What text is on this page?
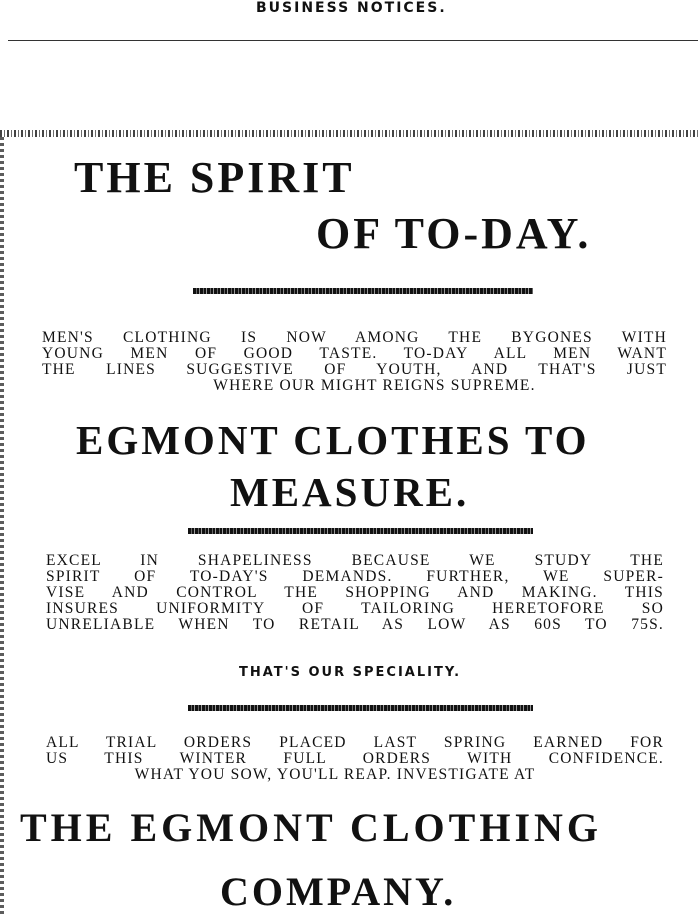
BUSINESS NOTICES.
THE SPIRIT
OF TO-DAY.
MEN'S CLOTHING IS NOW AMONG THE BYGONES WITH
YOUNG MEN OF GOOD TASTE. TO-DAY ALL MEN WANT
THE LINES SUGGESTIVE OF YOUTH, AND THAT'S JUST
WHERE OUR MIGHT REIGNS SUPREME.
EGMONT CLOTHES TO
MEASURE.
EXCEL IN SHAPELINESS BECAUSE WE STUDY THE
SPIRIT OF TO-DAY'S DEMANDS. FURTHER, WE SUPER-
VISE AND CONTROL THE SHOPPING AND MAKING. THIS
INSURES UNIFORMITY OF TAILORING HERETOFORE SO
UNRELIABLE WHEN TO RETAIL AS LOW AS 60S TO 75S.
THAT'S OUR SPECIALITY.
ALL TRIAL ORDERS PLACED LAST SPRING EARNED FOR
US THIS WINTER FULL ORDERS WITH CONFIDENCE.
WHAT YOU SOW, YOU'LL REAP. INVESTIGATE AT
THE EGMONT CLOTHING
COMPANY.
